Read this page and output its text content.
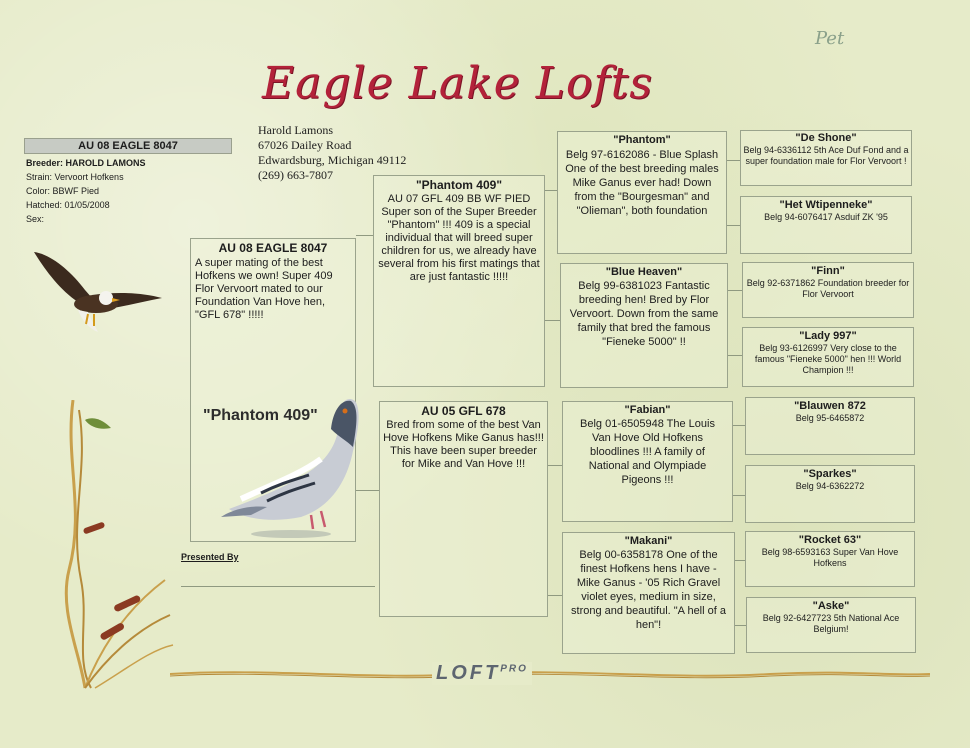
Pet
Eagle Lake Lofts
Harold Lamons
67026 Dailey Road
Edwardsburg, Michigan 49112
(269) 663-7807
AU 08 EAGLE 8047
Breeder: HAROLD LAMONS
Strain: Vervoort Hofkens
Color: BBWF Pied
Hatched: 01/05/2008
Sex:
AU 08 EAGLE 8047
A super mating of the best Hofkens we own! Super 409 Flor Vervoort mated to our Foundation Van Hove hen, "GFL 678" !!!!!
"Phantom 409"
Presented By
"Phantom 409"
AU 07 GFL 409 BB WF PIED Super son of the Super Breeder "Phantom" !!! 409 is a special individual that will breed super children for us, we already have several from his first matings that are just fantastic !!!!!
AU 05 GFL 678
Bred from some of the best Van Hove Hofkens Mike Ganus has!!! This have been super breeder for Mike and Van Hove !!!
"Phantom"
Belg 97-6162086 - Blue Splash One of the best breeding males Mike Ganus ever had! Down from the "Bourgesman" and "Olieman", both foundation
"Blue Heaven"
Belg 99-6381023 Fantastic breeding hen! Bred by Flor Vervoort. Down from the same family that bred the famous "Fieneke 5000" !!
"Fabian"
Belg 01-6505948 The Louis Van Hove Old Hofkens bloodlines !!! A family of National and Olympiade Pigeons !!!
"Makani"
Belg 00-6358178 One of the finest Hofkens hens I have - Mike Ganus - '05 Rich Gravel violet eyes, medium in size, strong and beautiful. "A hell of a hen"!
"De Shone"
Belg 94-6336112 5th Ace Duf Fond and a super foundation male for Flor Vervoort !
"Het Wtipenneke"
Belg 94-6076417 Asduif ZK '95
"Finn"
Belg 92-6371862 Foundation breeder for Flor Vervoort
"Lady 997"
Belg 93-6126997 Very close to the famous "Fieneke 5000" hen !!! World Champion !!!
"Blauwen 872
Belg 95-6465872
"Sparkes"
Belg 94-6362272
"Rocket 63"
Belg 98-6593163 Super Van Hove Hofkens
"Aske"
Belg 92-6427723 5th National Ace Belgium!
$LOFT^{PRO}$
